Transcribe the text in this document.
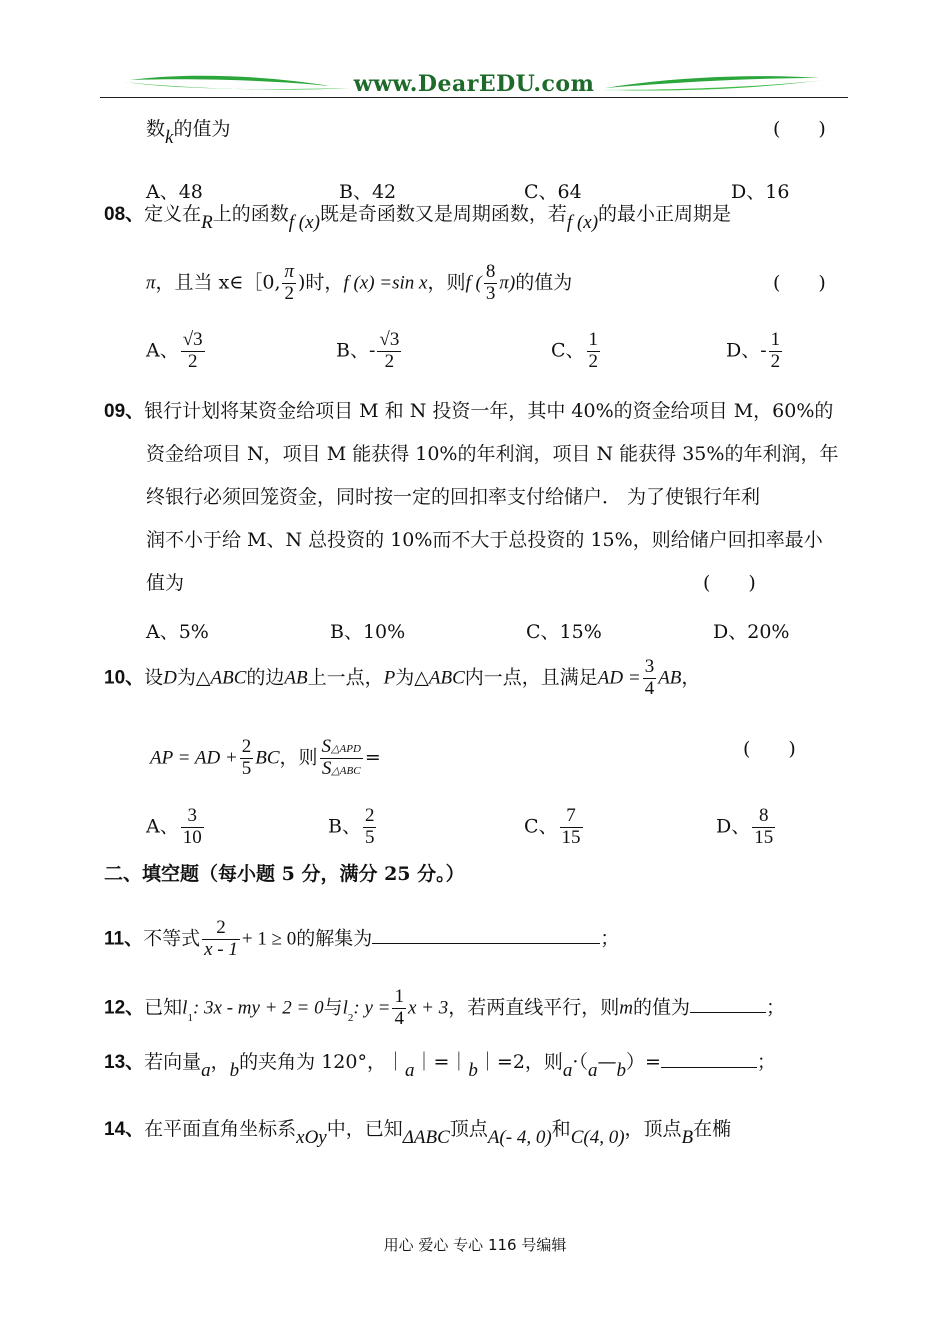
www.DearEDU.com
数k的值为	(　　)
A、48	B、42	C、64	D、16
08、定义在R上的函数f (x)既是奇函数又是周期函数，若f (x)的最小正周期是
π，且当 x∈［0, $\frac{\pi}{2}$ )时，f (x) =sin x，则f ( $\frac{8}{3} \pi$)的值为	(　　)
A、 $\frac{√3}{2}$	B、- $\frac{√3}{2}$	C、 $\frac{1}{2}$	D、- $\frac{1}{2}$
09、银行计划将某资金给项目 M 和 N 投资一年，其中 40%的资金给项目 M，60%的
资金给项目 N，项目 M 能获得 10%的年利润，项目 N 能获得 35%的年利润，年
终银行必须回笼资金，同时按一定的回扣率支付给储户． 为了使银行年利
润不小于给 M、N 总投资的 10%而不大于总投资的 15%，则给储户回扣率最小
值为	(　　)
A、5%	B、10%	C、15%	D、20%
10、设D为△ABC的边AB上一点，P为△ABC内一点，且满足AD = $\frac{3}{4}$ AB，
AP = AD + $\frac{2}{5}$ BC，则 $\frac{\text{S△APD}}{\text{S△ABC}}$ =	(　　)
A、 $\frac{3}{10}$	B、 $\frac{2}{5}$	C、 $\frac{7}{15}$	D、 $\frac{8}{15}$
二、填空题（每小题 5 分，满分 25 分。）
11、不等式 $\frac{2}{x - 1} + 1 \ge 0$的解集为	；
12、已知$l_1$: 3x - my + 2 = 0与$l_2$: $y = \frac{1}{4}$ x + 3，若两直线平行，则m的值为	；
13、若向量a，b的夹角为 120°，｜a｜=｜b｜=2，则a·（a—b）=	；
14、在平面直角坐标系xOy中，已知ΔABC顶点A(- 4, 0)和C(4, 0)，顶点B在椭
用心 爱心 专心 116 号编辑
